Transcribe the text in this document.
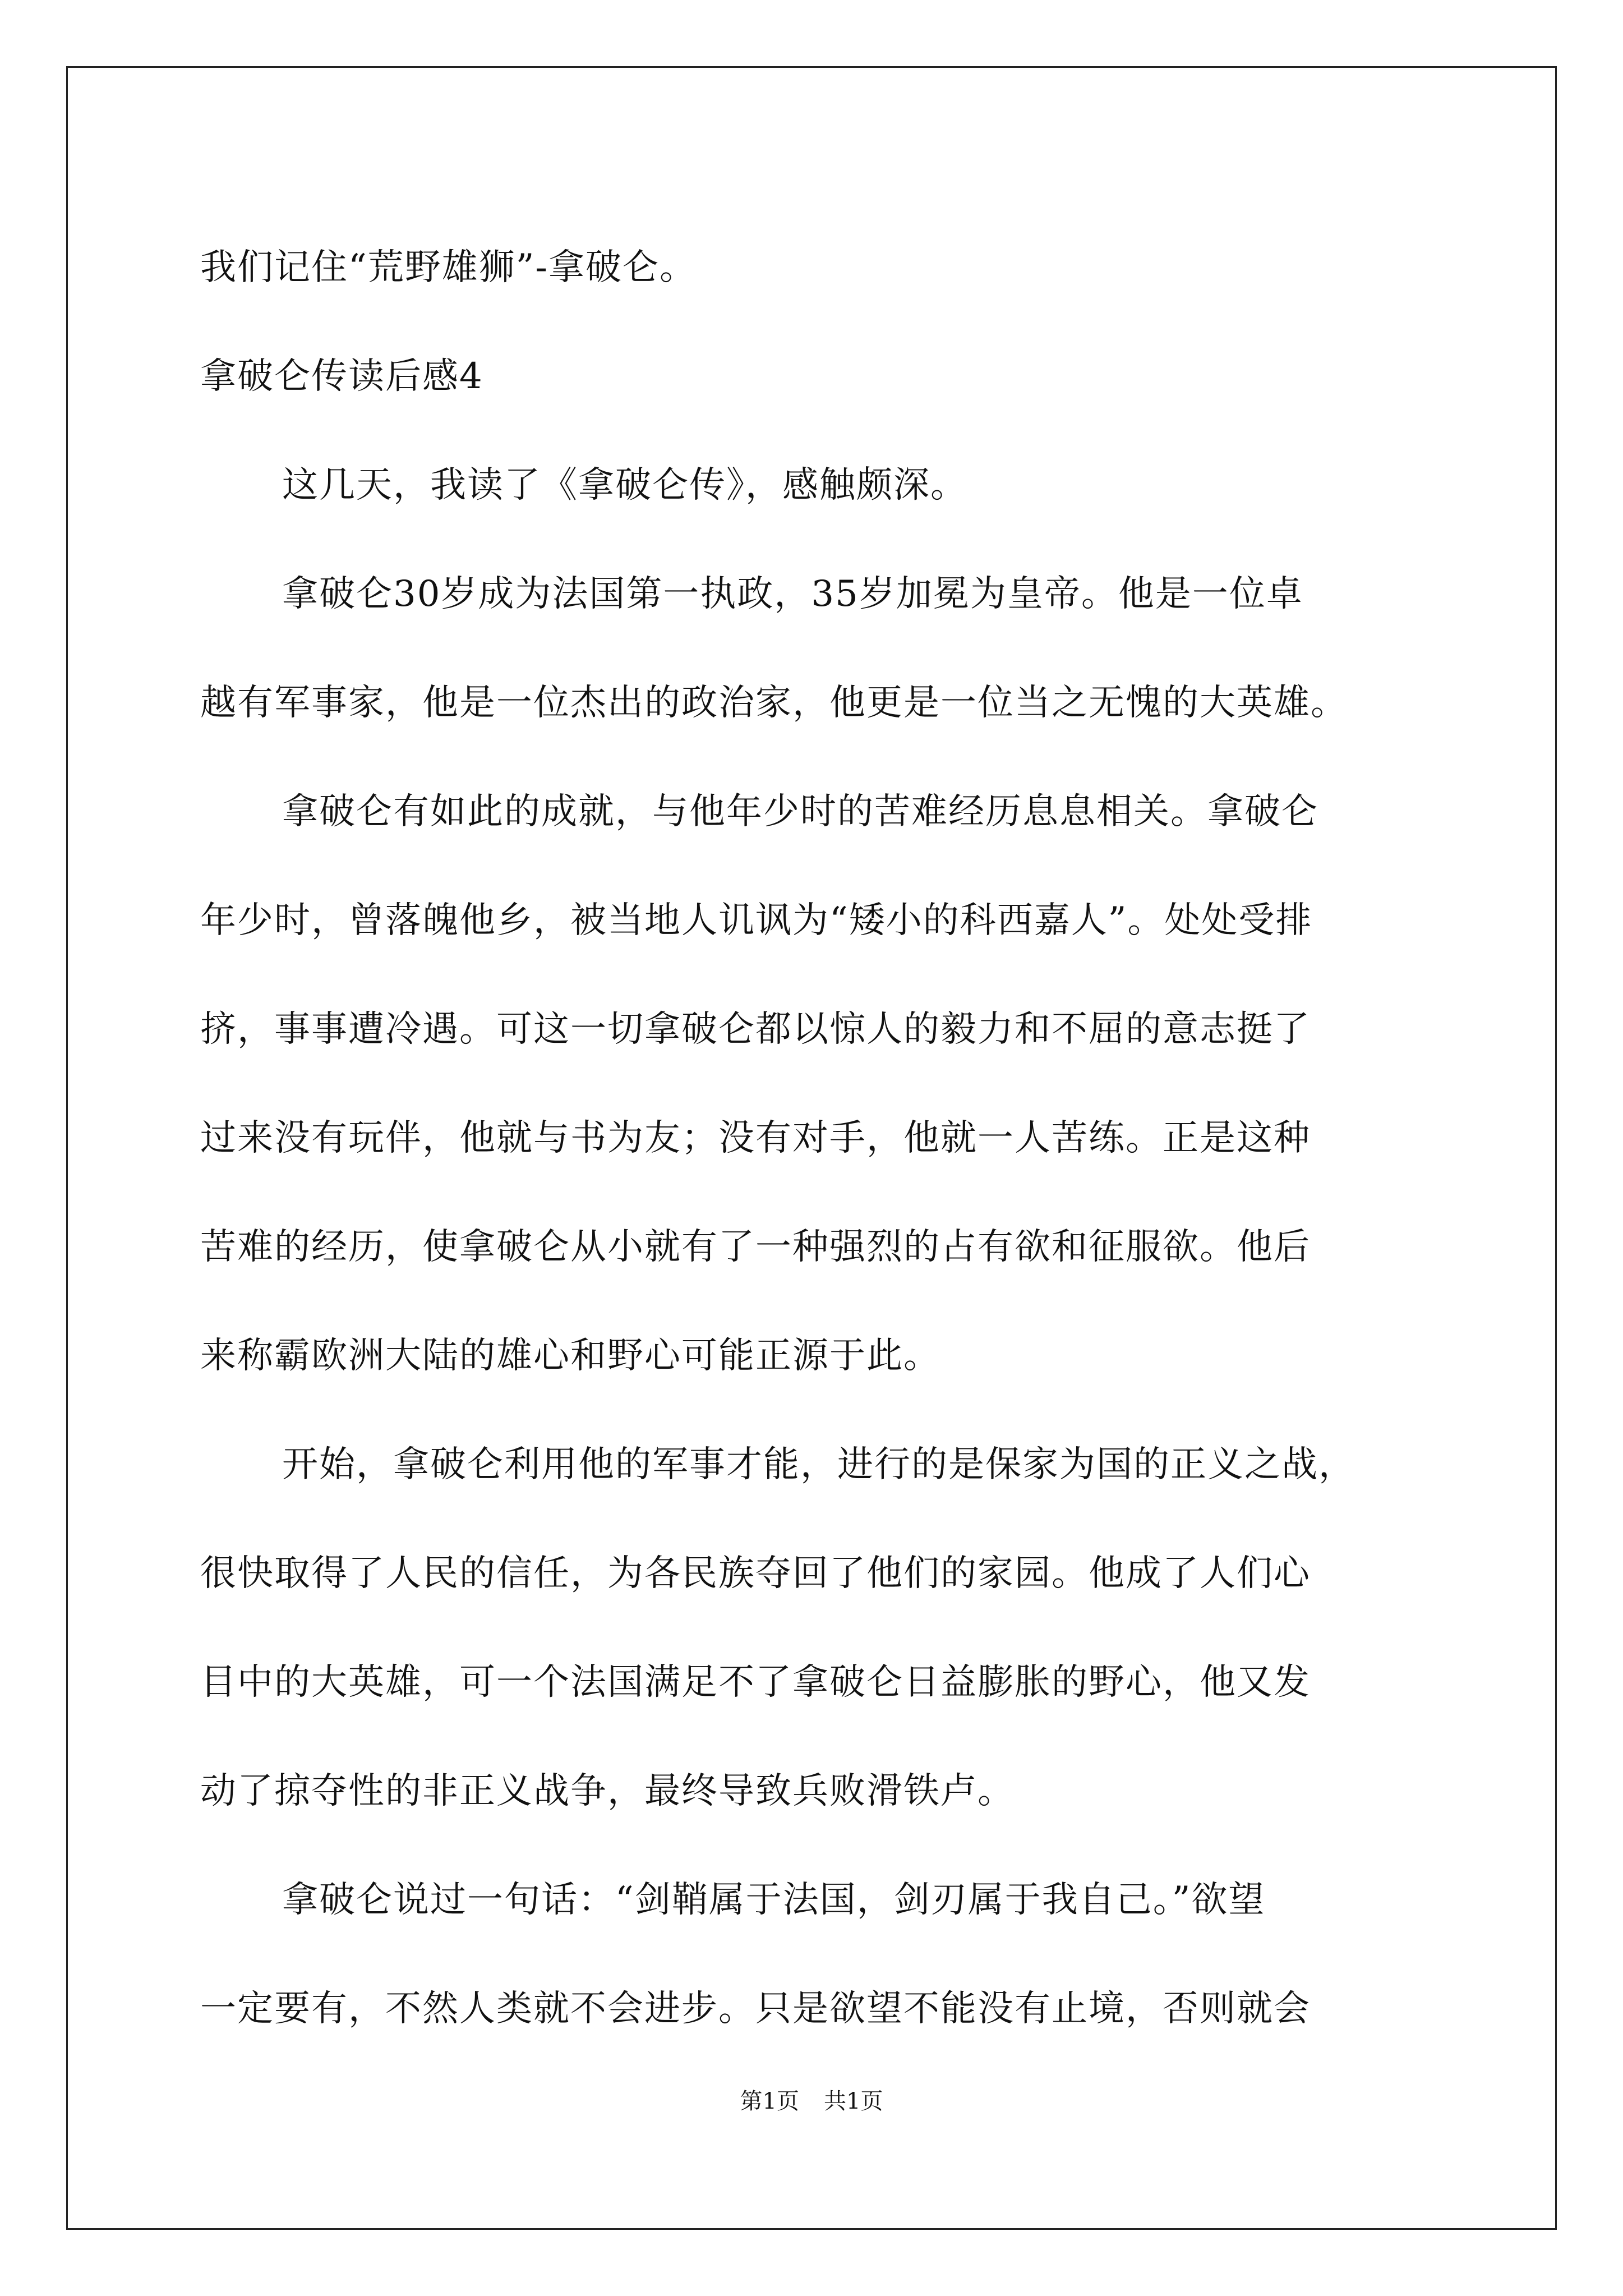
我们记住“荒野雄狮”-拿破仑。
拿破仑传读后感4
这几天，我读了《拿破仑传》，感触颇深。
拿破仑30岁成为法国第一执政，35岁加冕为皇帝。他是一位卓
越有军事家，他是一位杰出的政治家，他更是一位当之无愧的大英雄。
拿破仑有如此的成就，与他年少时的苦难经历息息相关。拿破仑
年少时，曾落魄他乡，被当地人讥讽为“矮小的科西嘉人”。处处受排
挤，事事遭冷遇。可这一切拿破仑都以惊人的毅力和不屈的意志挺了
过来没有玩伴，他就与书为友；没有对手，他就一人苦练。正是这种
苦难的经历，使拿破仑从小就有了一种强烈的占有欲和征服欲。他后
来称霸欧洲大陆的雄心和野心可能正源于此。
开始，拿破仑利用他的军事才能，进行的是保家为国的正义之战，
很快取得了人民的信任，为各民族夺回了他们的家园。他成了人们心
目中的大英雄，可一个法国满足不了拿破仑日益膨胀的野心，他又发
动了掠夺性的非正义战争，最终导致兵败滑铁卢。
拿破仑说过一句话：“剑鞘属于法国，剑刃属于我自己。”欲望
一定要有，不然人类就不会进步。只是欲望不能没有止境，否则就会
第1页 共1页
